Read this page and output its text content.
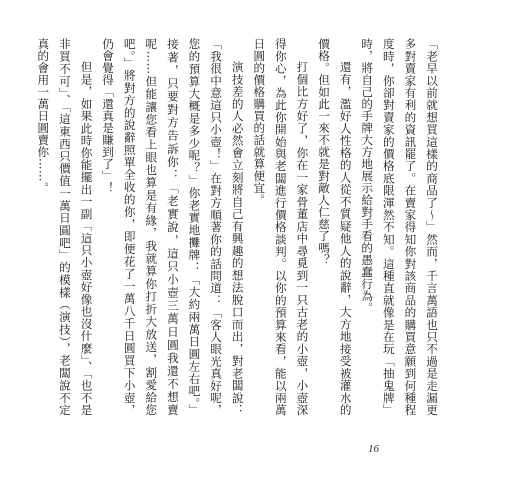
「老早以前就想買這樣的商品了～」然而，千言萬語也只不過是走漏更多對賣家有利的資訊罷了。在賣家得知你對該商品的購買意願到何種程度時，你卻對賣家的價格底限渾然不知。這種直就像是在玩「抽鬼牌」時，將自己的手牌大方地展示給對手看的愚蠢行為。

還有，濫好人性格的人從不質疑他人的說辭，大方地接受被灌水的價格。但如此一來不就是對敵人仁慈了嗎？

打個比方好了，你在一家骨董店中尋覓到一只古老的小壺，小壺深得你心，為此你開始與老闆進行價格談判。以你的預算來看，能以兩萬日圓的價格購買的話就算便宜。

演技差的人必然會立刻將自己有興趣的想法脫口而出，對老闆說：「我很中意這只小壺！」在對方順著你的話問道：「客人眼光真好呢，您的預算大概是多少呢？」你老實地攤牌：「大約兩萬日圓左右吧。」接著，只要對方告訴你：「老實說，這只小壺三萬日圓我還不想賣呢……但能讓您看上眼也算是有緣，我就算你打折大放送，割愛給您吧。」將對方的說辭照單全收的你，即便花了一萬八千日圓買下小壺，仍會覺得「還真是賺到了」！

但是，如果此時你能擺出一副「這只小壺好像也沒什麼」、「也不是非買不可」、「這東西只價值一萬日圓吧」的模樣（演技），老闆說不定真的會用一萬日圓賣你……。

16
